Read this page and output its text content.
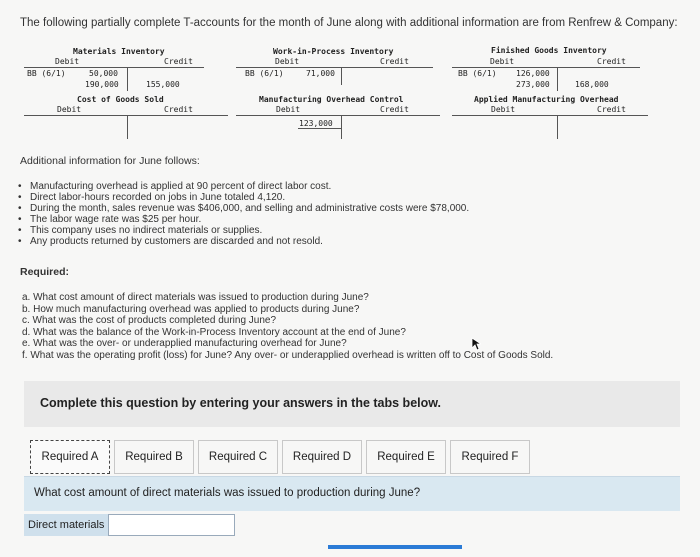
The following partially complete T-accounts for the month of June along with additional information are from Renfrew & Company:
Materials Inventory
Debit	Credit
BB (6/1)	50,000
190,000	155,000
Work-in-Process Inventory
Debit	Credit
BB (6/1)	71,000
Finished Goods Inventory
Debit	Credit
BB (6/1) 126,000
273,000	168,000
Cost of Goods Sold
Debit	Credit
Manufacturing Overhead Control
Debit	Credit
123,000
Applied Manufacturing Overhead
Debit	Credit
Additional information for June follows:
• Manufacturing overhead is applied at 90 percent of direct labor cost.
• Direct labor-hours recorded on jobs in June totaled 4,120.
• During the month, sales revenue was $406,000, and selling and administrative costs were $78,000.
• The labor wage rate was $25 per hour.
• This company uses no indirect materials or supplies.
• Any products returned by customers are discarded and not resold.
Required:
a. What cost amount of direct materials was issued to production during June?
b. How much manufacturing overhead was applied to products during June?
c. What was the cost of products completed during June?
d. What was the balance of the Work-in-Process Inventory account at the end of June?
e. What was the over- or underapplied manufacturing overhead for June?
f. What was the operating profit (loss) for June? Any over- or underapplied overhead is written off to Cost of Goods Sold.
Complete this question by entering your answers in the tabs below.
Required A	Required B	Required C	Required D	Required E	Required F
What cost amount of direct materials was issued to production during June?
Direct materials
